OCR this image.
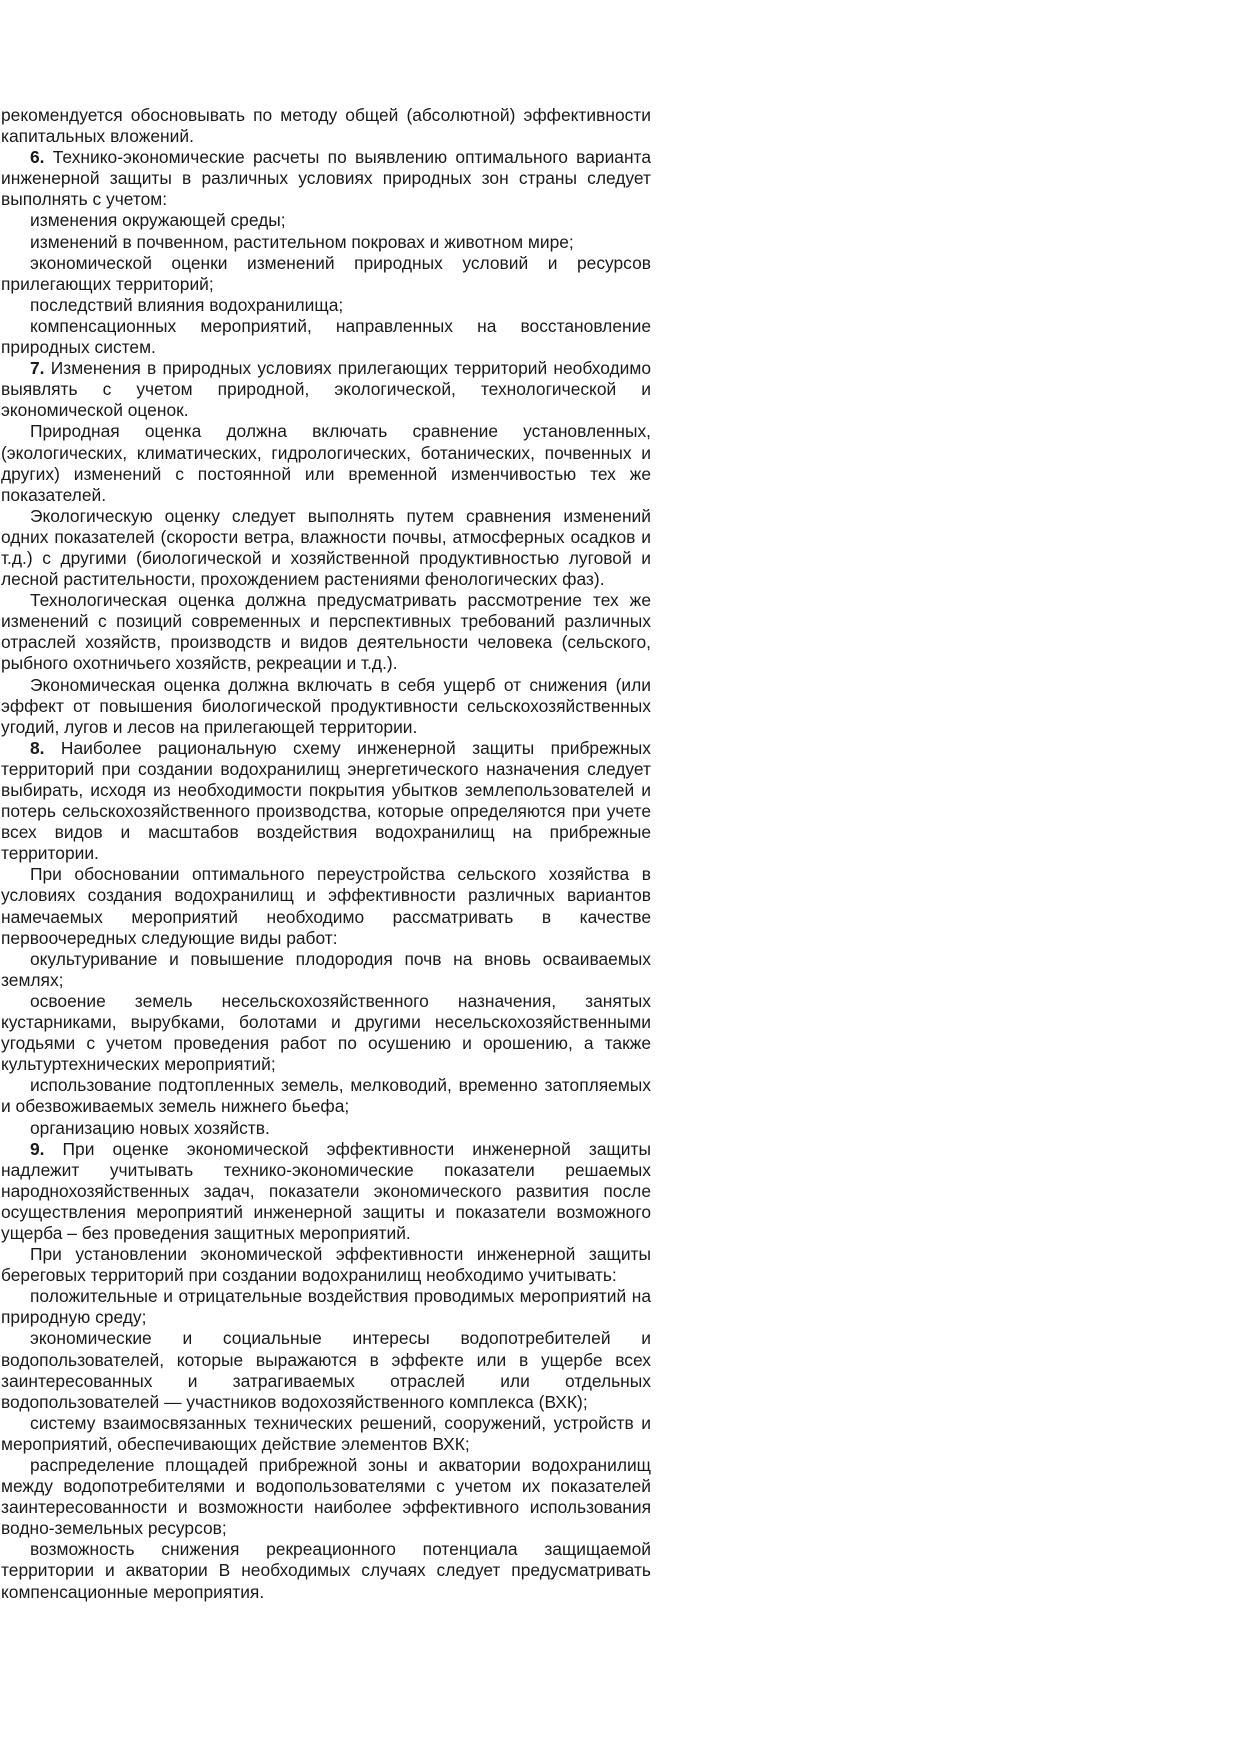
рекомендуется обосновывать по методу общей (абсолютной) эффективности капитальных вложений.

6. Технико-экономические расчеты по выявлению оптимального варианта инженерной защиты в различных условиях природных зон страны следует выполнять с учетом:

изменения окружающей среды;

изменений в почвенном, растительном покровах и животном мире;

экономической оценки изменений природных условий и ресурсов прилегающих территорий;

последствий влияния водохранилища;

компенсационных мероприятий, направленных на восстановление природных систем.

7. Изменения в природных условиях прилегающих территорий необходимо выявлять с учетом природной, экологической, технологической и экономической оценок.

Природная оценка должна включать сравнение установленных, (экологических, климатических, гидрологических, ботанических, почвенных и других) изменений с постоянной или временной изменчивостью тех же показателей.

Экологическую оценку следует выполнять путем сравнения изменений одних показателей (скорости ветра, влажности почвы, атмосферных осадков и т.д.) с другими (биологической и хозяйственной продуктивностью луговой и лесной растительности, прохождением растениями фенологических фаз).

Технологическая оценка должна предусматривать рассмотрение тех же изменений с позиций современных и перспективных требований различных отраслей хозяйств, производств и видов деятельности человека (сельского, рыбного охотничьего хозяйств, рекреации и т.д.).

Экономическая оценка должна включать в себя ущерб от снижения (или эффект от повышения биологической продуктивности сельскохозяйственных угодий, лугов и лесов на прилегающей территории.

8. Наиболее рациональную схему инженерной защиты прибрежных территорий при создании водохранилищ энергетического назначения следует выбирать, исходя из необходимости покрытия убытков землепользователей и потерь сельскохозяйственного производства, которые определяются при учете всех видов и масштабов воздействия водохранилищ на прибрежные территории.

При обосновании оптимального переустройства сельского хозяйства в условиях создания водохранилищ и эффективности различных вариантов намечаемых мероприятий необходимо рассматривать в качестве первоочередных следующие виды работ:

окультуривание и повышение плодородия почв на вновь осваиваемых землях;

освоение земель несельскохозяйственного назначения, занятых кустарниками, вырубками, болотами и другими несельскохозяйственными угодьями с учетом проведения работ по осушению и орошению, а также культуртехнических мероприятий;

использование подтопленных земель, мелководий, временно затопляемых и обезвоживаемых земель нижнего бьефа;

организацию новых хозяйств.

9. При оценке экономической эффективности инженерной защиты надлежит учитывать технико-экономические показатели решаемых народнохозяйственных задач, показатели экономического развития после осуществления мероприятий инженерной защиты и показатели возможного ущерба – без проведения защитных мероприятий.

При установлении экономической эффективности инженерной защиты береговых территорий при создании водохранилищ необходимо учитывать:

положительные и отрицательные воздействия проводимых мероприятий на природную среду;

экономические и социальные интересы водопотребителей и водопользователей, которые выражаются в эффекте или в ущербе всех заинтересованных и затрагиваемых отраслей или отдельных водопользователей — участников водохозяйственного комплекса (ВХК);

систему взаимосвязанных технических решений, сооружений, устройств и мероприятий, обеспечивающих действие элементов ВХК;

распределение площадей прибрежной зоны и акватории водохранилищ между водопотребителями и водопользователями с учетом их показателей заинтересованности и возможности наиболее эффективного использования водно-земельных ресурсов;

возможность снижения рекреационного потенциала защищаемой территории и акватории В необходимых случаях следует предусматривать компенсационные мероприятия.
